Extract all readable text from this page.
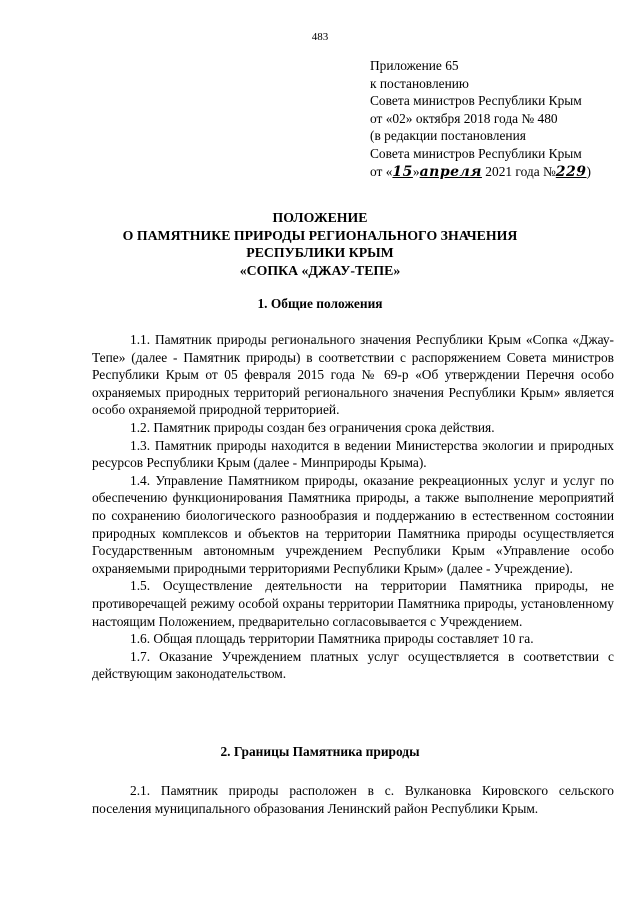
483
Приложение 65
к постановлению
Совета министров Республики Крым
от «02» октября 2018 года № 480
(в редакции постановления
Совета министров Республики Крым
от «15»апреля 2021 года №229)
ПОЛОЖЕНИЕ
О ПАМЯТНИКЕ ПРИРОДЫ РЕГИОНАЛЬНОГО ЗНАЧЕНИЯ
РЕСПУБЛИКИ КРЫМ
«СОПКА «ДЖАУ-ТЕПЕ»
1. Общие положения

1.1. Памятник природы регионального значения Республики Крым «Сопка «Джау-Тепе» (далее - Памятник природы) в соответствии с распоряжением Совета министров Республики Крым от 05 февраля 2015 года № 69-р «Об утверждении Перечня особо охраняемых природных территорий регионального значения Республики Крым» является особо охраняемой природной территорией.

1.2. Памятник природы создан без ограничения срока действия.

1.3. Памятник природы находится в ведении Министерства экологии и природных ресурсов Республики Крым (далее - Минприроды Крыма).

1.4. Управление Памятником природы, оказание рекреационных услуг и услуг по обеспечению функционирования Памятника природы, а также выполнение мероприятий по сохранению биологического разнообразия и поддержанию в естественном состоянии природных комплексов и объектов на территории Памятника природы осуществляется Государственным автономным учреждением Республики Крым «Управление особо охраняемыми природными территориями Республики Крым» (далее - Учреждение).

1.5. Осуществление деятельности на территории Памятника природы, не противоречащей режиму особой охраны территории Памятника природы, установленному настоящим Положением, предварительно согласовывается с Учреждением.

1.6. Общая площадь территории Памятника природы составляет 10 га.

1.7. Оказание Учреждением платных услуг осуществляется в соответствии с действующим законодательством.

2. Границы Памятника природы

2.1. Памятник природы расположен в с. Вулкановка Кировского сельского поселения муниципального образования Ленинский район Республики Крым.
